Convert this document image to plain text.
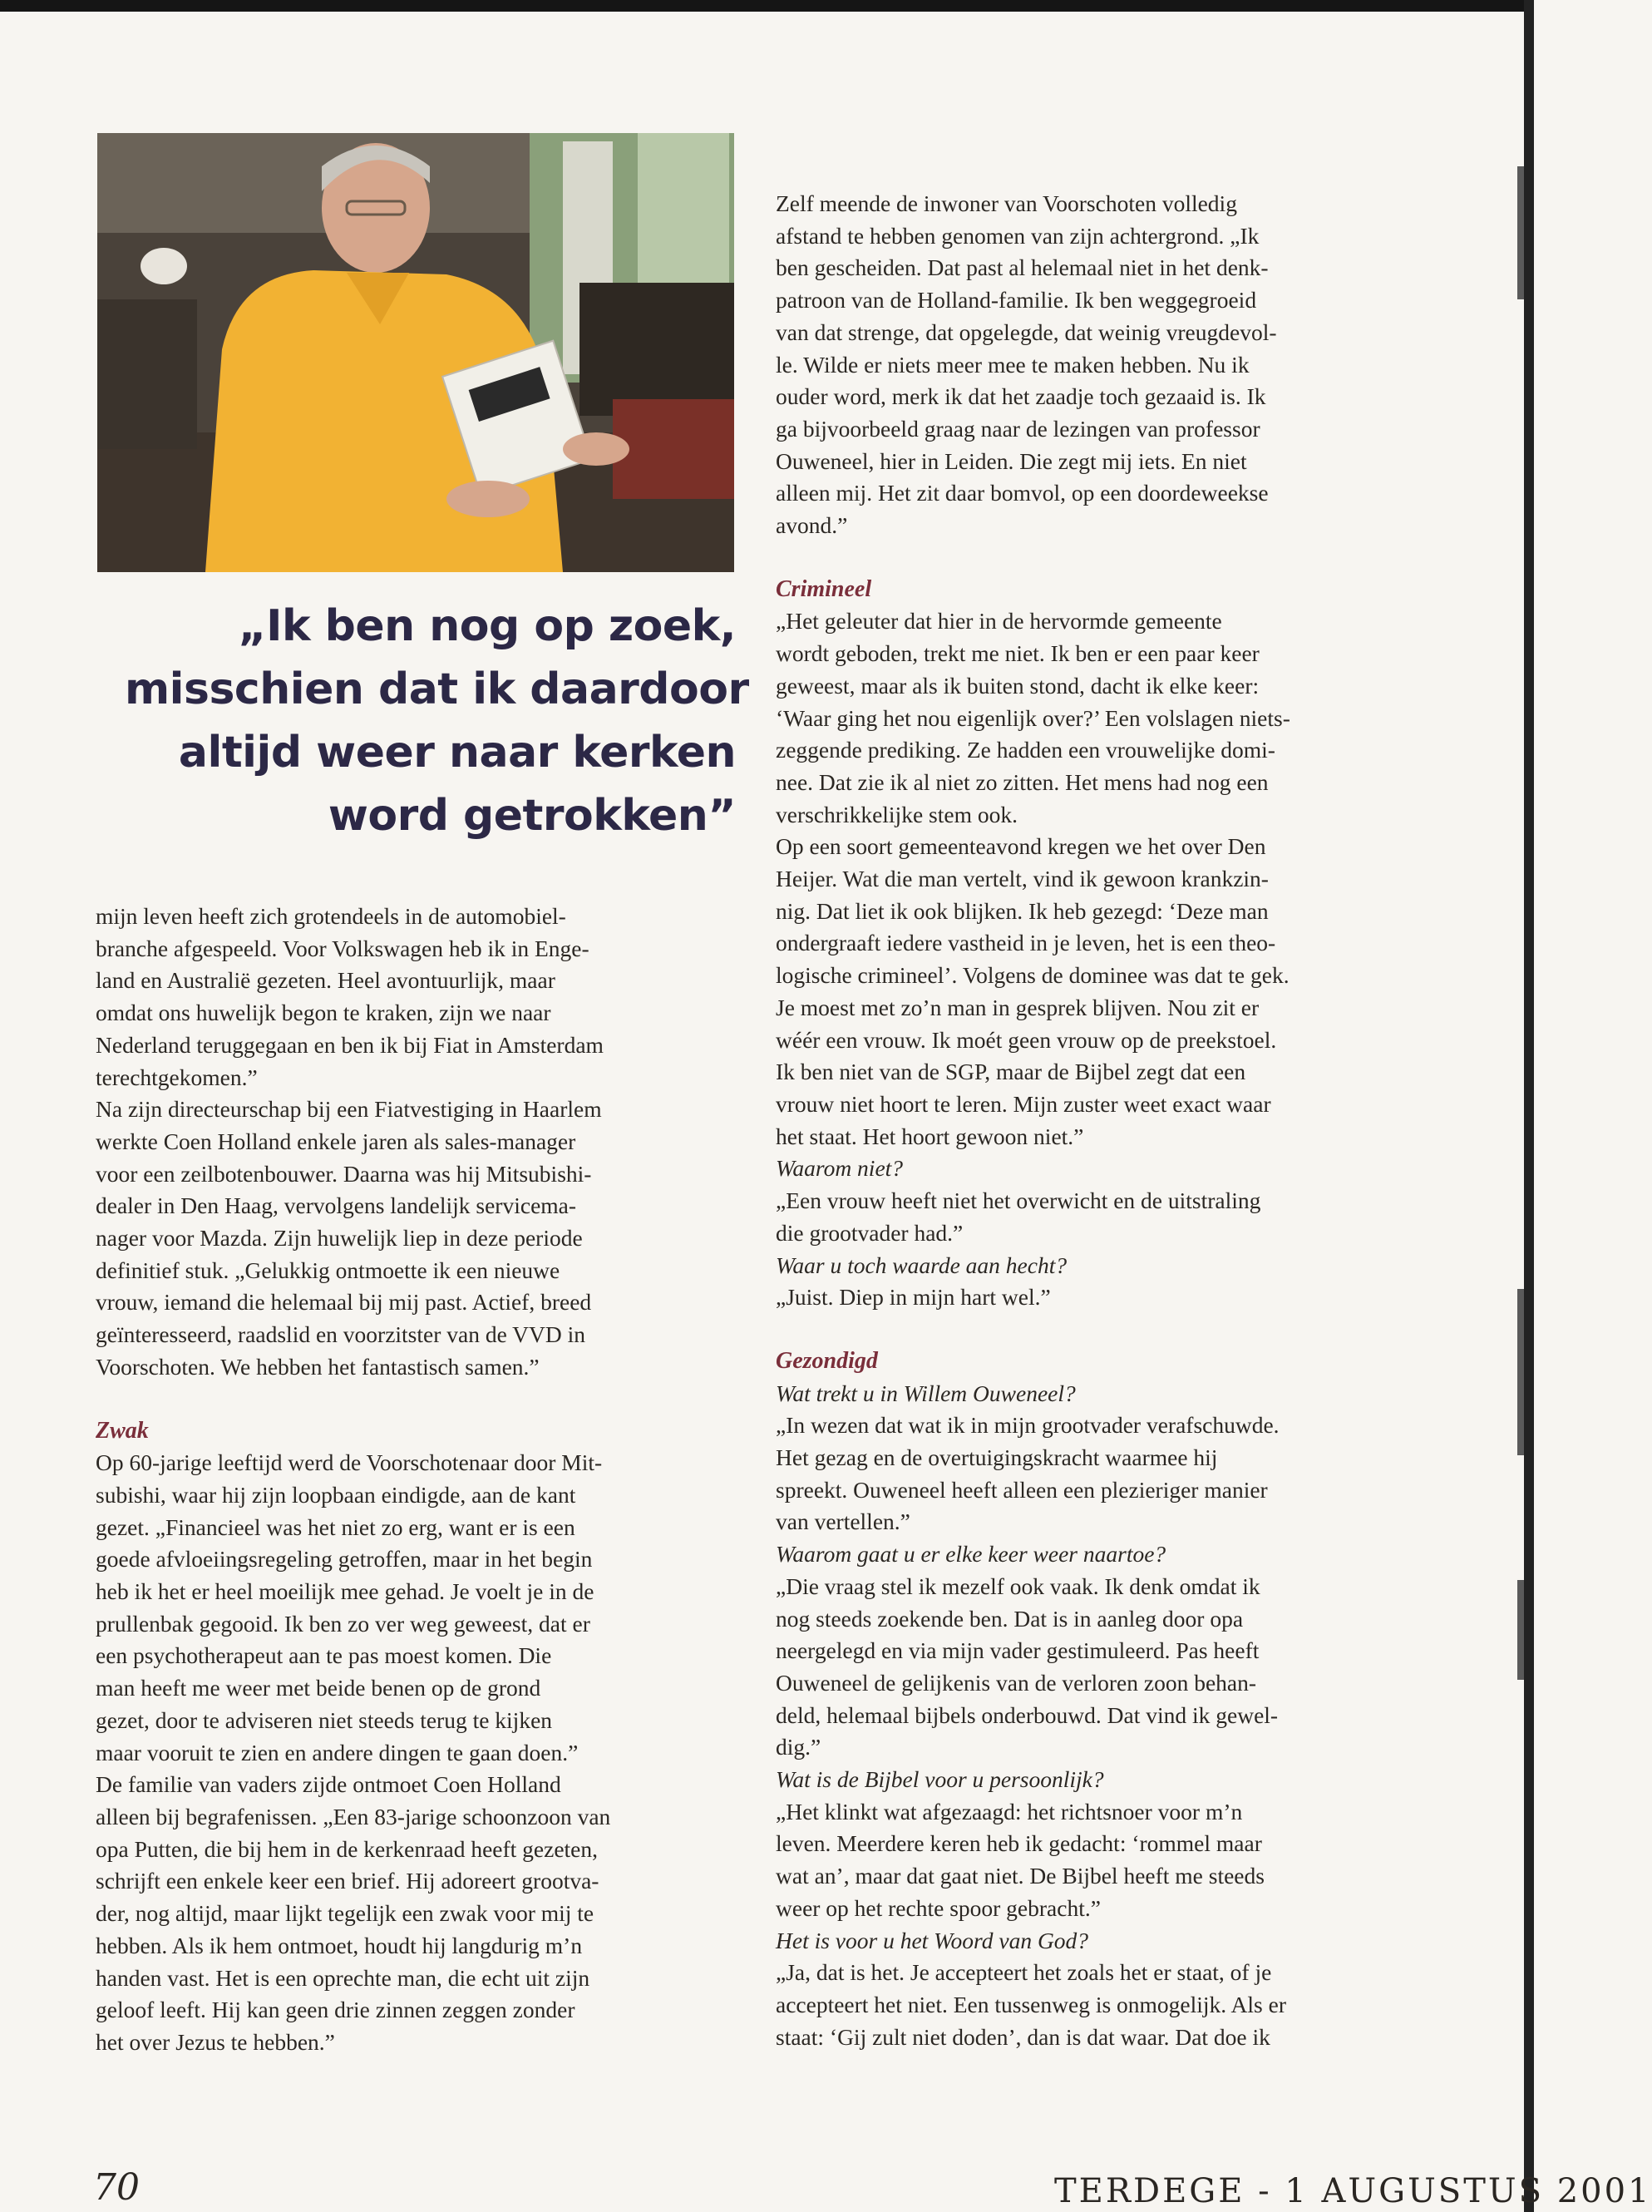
„Ik ben nog op zoek,
misschien dat ik daardoor
altijd weer naar kerken
word getrokken”
mijn leven heeft zich grotendeels in de automobiel-
branche afgespeeld. Voor Volkswagen heb ik in Enge-
land en Australië gezeten. Heel avontuurlijk, maar
omdat ons huwelijk begon te kraken, zijn we naar
Nederland teruggegaan en ben ik bij Fiat in Amsterdam
terechtgekomen.”
Na zijn directeurschap bij een Fiatvestiging in Haarlem
werkte Coen Holland enkele jaren als sales-manager
voor een zeilbotenbouwer. Daarna was hij Mitsubishi-
dealer in Den Haag, vervolgens landelijk servicema-
nager voor Mazda. Zijn huwelijk liep in deze periode
definitief stuk. „Gelukkig ontmoette ik een nieuwe
vrouw, iemand die helemaal bij mij past. Actief, breed
geïnteresseerd, raadslid en voorzitster van de VVD in
Voorschoten. We hebben het fantastisch samen.”
Zwak
Op 60-jarige leeftijd werd de Voorschotenaar door Mit-
subishi, waar hij zijn loopbaan eindigde, aan de kant
gezet. „Financieel was het niet zo erg, want er is een
goede afvloeiingsregeling getroffen, maar in het begin
heb ik het er heel moeilijk mee gehad. Je voelt je in de
prullenbak gegooid. Ik ben zo ver weg geweest, dat er
een psychotherapeut aan te pas moest komen. Die
man heeft me weer met beide benen op de grond
gezet, door te adviseren niet steeds terug te kijken
maar vooruit te zien en andere dingen te gaan doen.”
De familie van vaders zijde ontmoet Coen Holland
alleen bij begrafenissen. „Een 83-jarige schoonzoon van
opa Putten, die bij hem in de kerkenraad heeft gezeten,
schrijft een enkele keer een brief. Hij adoreert grootva-
der, nog altijd, maar lijkt tegelijk een zwak voor mij te
hebben. Als ik hem ontmoet, houdt hij langdurig m’n
handen vast. Het is een oprechte man, die echt uit zijn
geloof leeft. Hij kan geen drie zinnen zeggen zonder
het over Jezus te hebben.”
Zelf meende de inwoner van Voorschoten volledig
afstand te hebben genomen van zijn achtergrond. „Ik
ben gescheiden. Dat past al helemaal niet in het denk-
patroon van de Holland-familie. Ik ben weggegroeid
van dat strenge, dat opgelegde, dat weinig vreugdevol-
le. Wilde er niets meer mee te maken hebben. Nu ik
ouder word, merk ik dat het zaadje toch gezaaid is. Ik
ga bijvoorbeeld graag naar de lezingen van professor
Ouweneel, hier in Leiden. Die zegt mij iets. En niet
alleen mij. Het zit daar bomvol, op een doordeweekse
avond.”
Crimineel
„Het geleuter dat hier in de hervormde gemeente
wordt geboden, trekt me niet. Ik ben er een paar keer
geweest, maar als ik buiten stond, dacht ik elke keer:
‘Waar ging het nou eigenlijk over?’ Een volslagen niets-
zeggende prediking. Ze hadden een vrouwelijke domi-
nee. Dat zie ik al niet zo zitten. Het mens had nog een
verschrikkelijke stem ook.
Op een soort gemeenteavond kregen we het over Den
Heijer. Wat die man vertelt, vind ik gewoon krankzin-
nig. Dat liet ik ook blijken. Ik heb gezegd: ‘Deze man
ondergraaft iedere vastheid in je leven, het is een theo-
logische crimineel’. Volgens de dominee was dat te gek.
Je moest met zo’n man in gesprek blijven. Nou zit er
wéér een vrouw. Ik moét geen vrouw op de preekstoel.
Ik ben niet van de SGP, maar de Bijbel zegt dat een
vrouw niet hoort te leren. Mijn zuster weet exact waar
het staat. Het hoort gewoon niet.”
Waarom niet?
„Een vrouw heeft niet het overwicht en de uitstraling
die grootvader had.”
Waar u toch waarde aan hecht?
„Juist. Diep in mijn hart wel.”
Gezondigd
Wat trekt u in Willem Ouweneel?
„In wezen dat wat ik in mijn grootvader verafschuwde.
Het gezag en de overtuigingskracht waarmee hij
spreekt. Ouweneel heeft alleen een plezieriger manier
van vertellen.”
Waarom gaat u er elke keer weer naartoe?
„Die vraag stel ik mezelf ook vaak. Ik denk omdat ik
nog steeds zoekende ben. Dat is in aanleg door opa
neergelegd en via mijn vader gestimuleerd. Pas heeft
Ouweneel de gelijkenis van de verloren zoon behan-
deld, helemaal bijbels onderbouwd. Dat vind ik gewel-
dig.”
Wat is de Bijbel voor u persoonlijk?
„Het klinkt wat afgezaagd: het richtsnoer voor m’n
leven. Meerdere keren heb ik gedacht: ‘rommel maar
wat an’, maar dat gaat niet. De Bijbel heeft me steeds
weer op het rechte spoor gebracht.”
Het is voor u het Woord van God?
„Ja, dat is het. Je accepteert het zoals het er staat, of je
accepteert het niet. Een tussenweg is onmogelijk. Als er
staat: ‘Gij zult niet doden’, dan is dat waar. Dat doe ik
70	TERDEGE - 1 AUGUSTUS 2001
